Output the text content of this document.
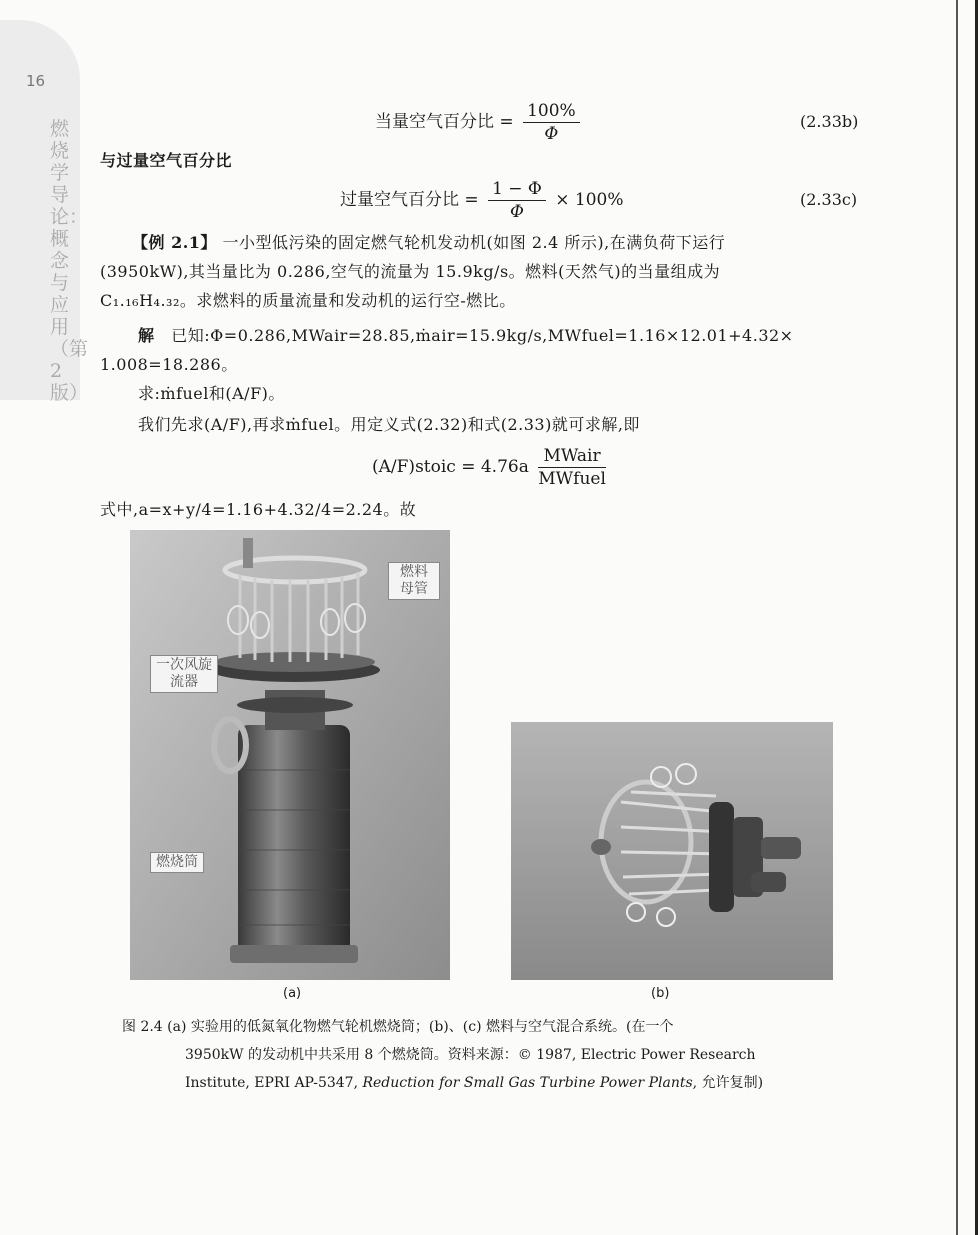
16
燃烧学导论：概念与应用（第2版）
当量空气百分比 = $\frac{100\%}{\Phi}$	(2.33b)
与过量空气百分比
过量空气百分比 = $\frac{1 - \Phi}{\Phi} \times 100\%$	(2.33c)
【例 2.1】 一小型低污染的固定燃气轮机发动机(如图 2.4 所示),在满负荷下运行
(3950kW),其当量比为 0.286,空气的流量为 15.9kg/s。燃料(天然气)的当量组成为
C₁.₁₆H₄.₃₂。求燃料的质量流量和发动机的运行空-燃比。
解 已知:Φ=0.286,MWair=28.85,ṁair=15.9kg/s,MWfuel=1.16×12.01+4.32×
1.008=18.286。
求:ṁfuel和(A/F)。
我们先求(A/F),再求ṁfuel。用定义式(2.32)和式(2.33)就可求解,即
(A/F)stoic = $4.76a \frac{\text{MWair}}{\text{MWfuel}}$
式中,a=x+y/4=1.16+4.32/4=2.24。故
燃料母管
一次风旋流器
燃烧筒
(a)	(b)
图 2.4 (a) 实验用的低氮氧化物燃气轮机燃烧筒；(b)、(c) 燃料与空气混合系统。(在一个
3950kW 的发动机中共采用 8 个燃烧筒。资料来源：© 1987, Electric Power Research
Institute, EPRI AP-5347, Reduction for Small Gas Turbine Power Plants, 允许复制)
